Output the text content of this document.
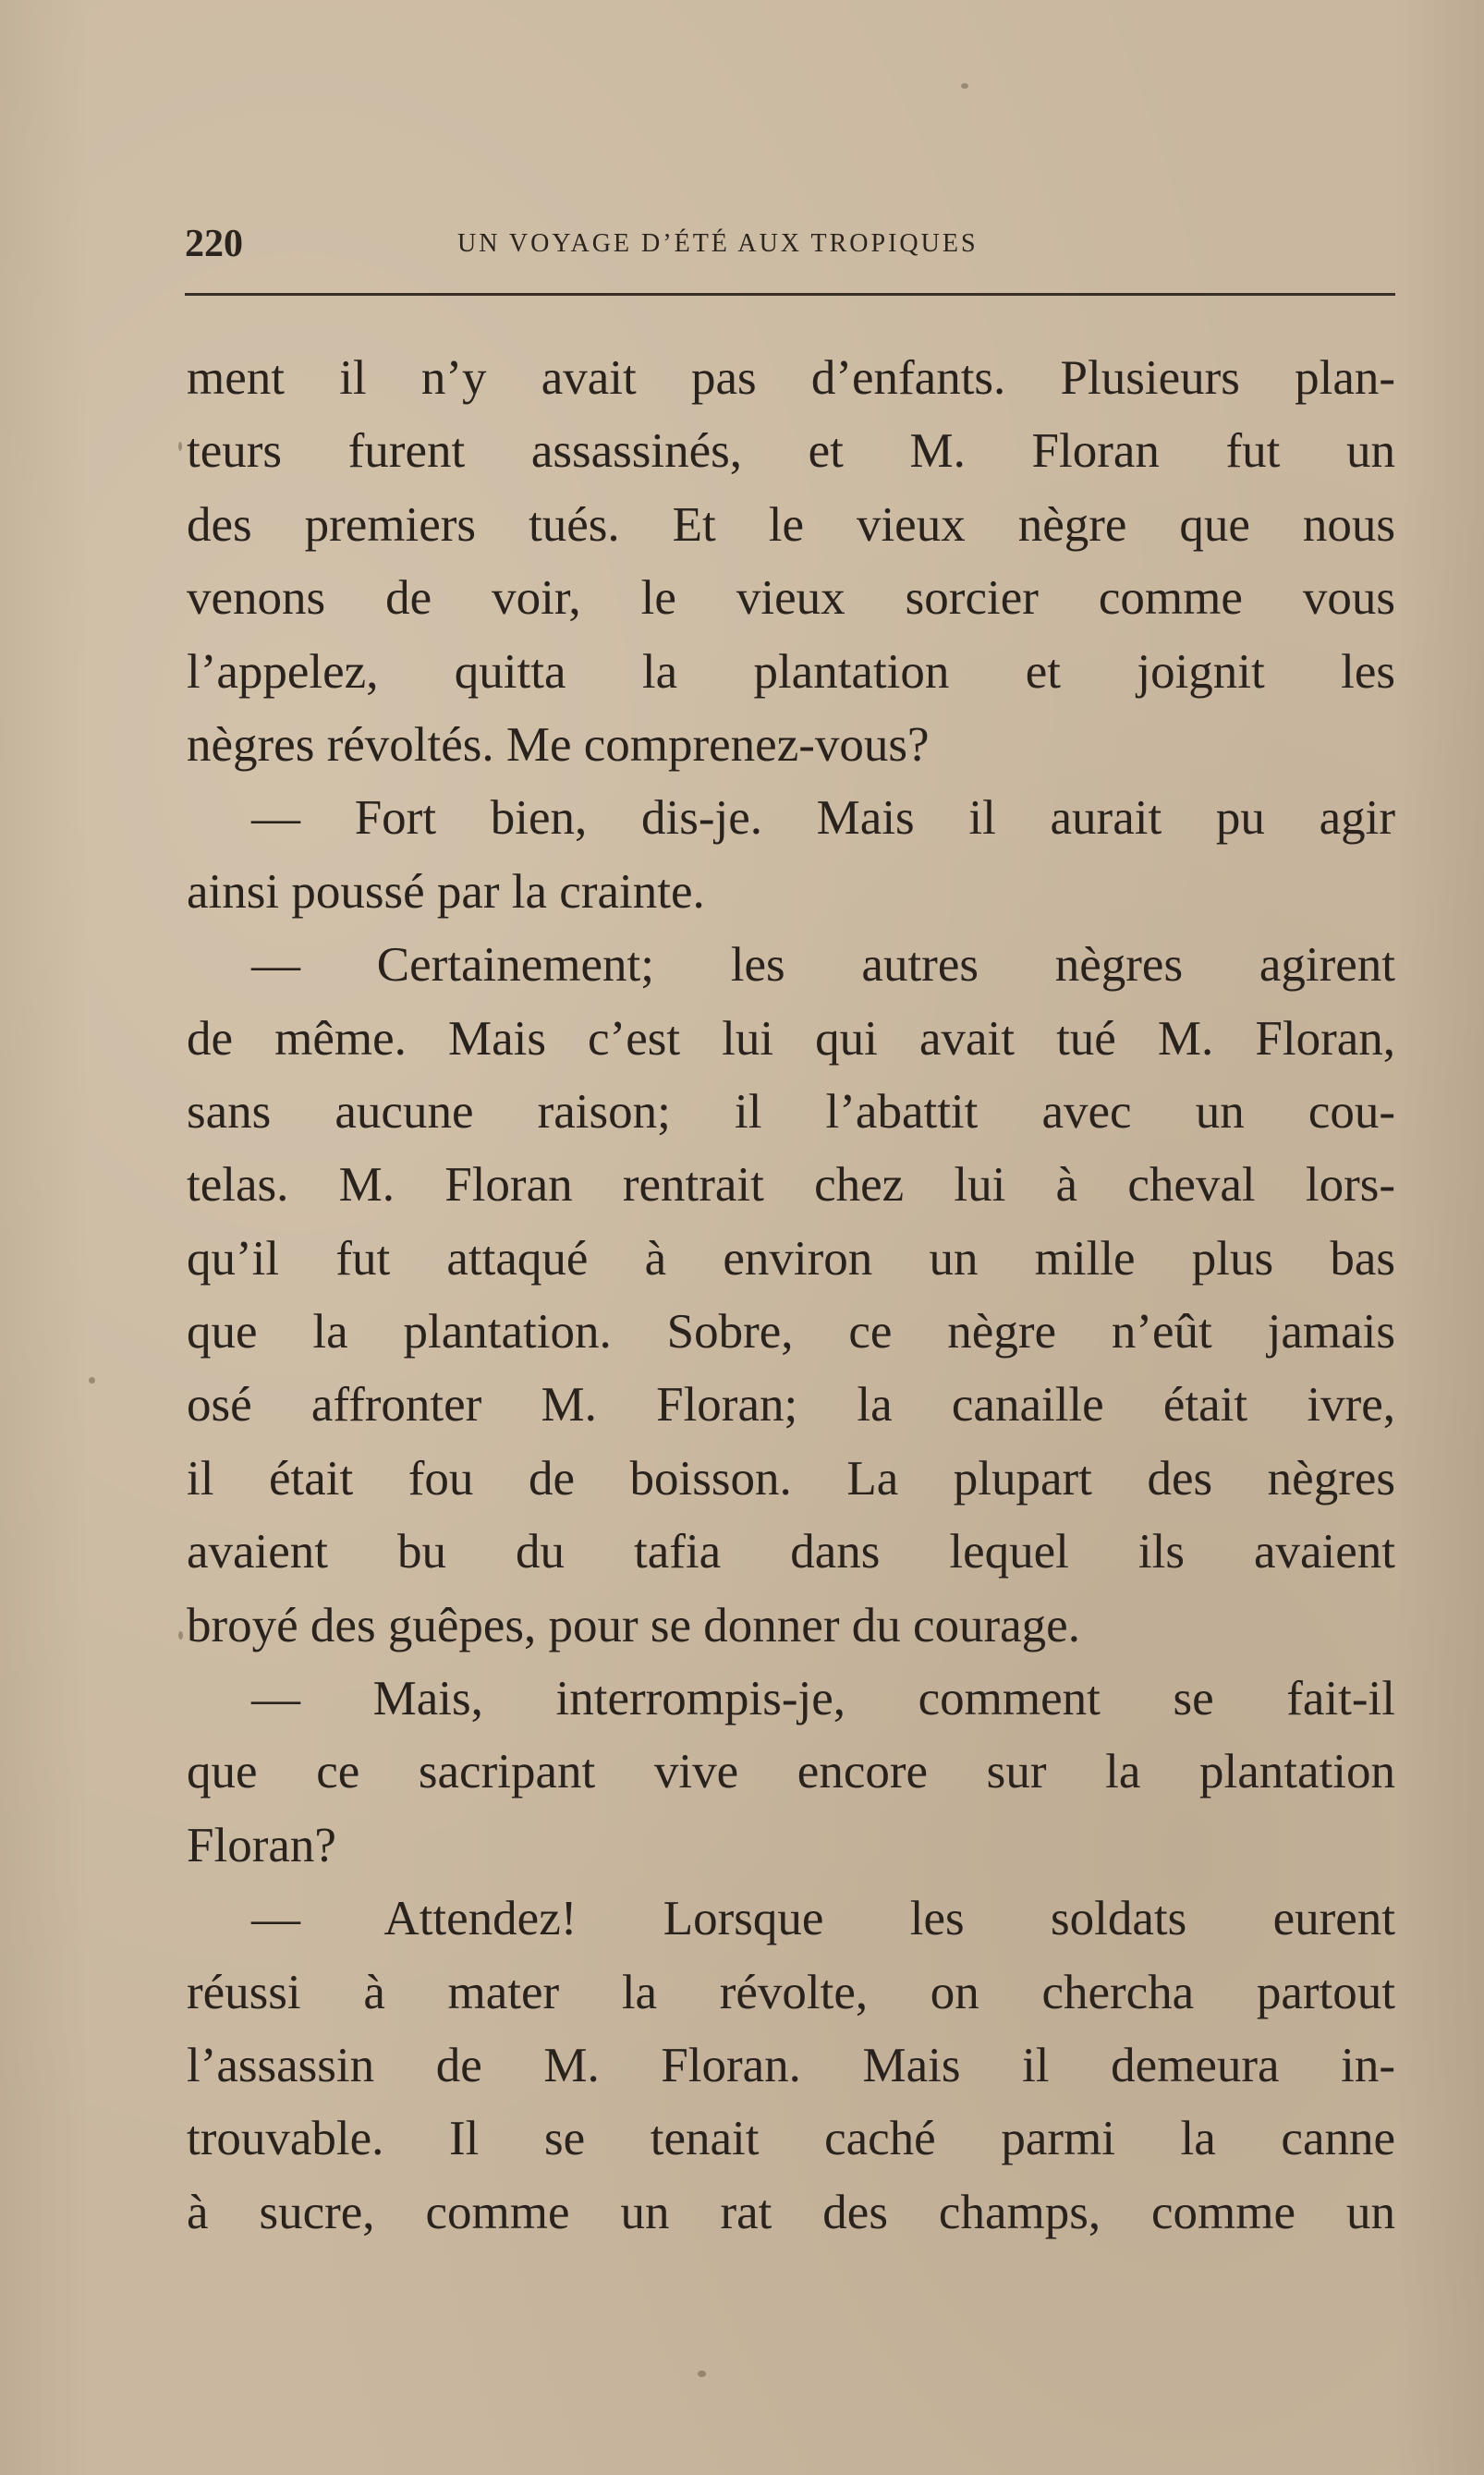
220	UN VOYAGE D’ÉTÉ AUX TROPIQUES
ment il n’y avait pas d’enfants. Plusieurs plan-
teurs furent assassinés, et M. Floran fut un
des premiers tués. Et le vieux nègre que nous
venons de voir, le vieux sorcier comme vous
l’appelez, quitta la plantation et joignit les
nègres révoltés. Me comprenez-vous?
— Fort bien, dis-je. Mais il aurait pu agir
ainsi poussé par la crainte.
— Certainement; les autres nègres agirent
de même. Mais c’est lui qui avait tué M. Floran,
sans aucune raison; il l’abattit avec un cou-
telas. M. Floran rentrait chez lui à cheval lors-
qu’il fut attaqué à environ un mille plus bas
que la plantation. Sobre, ce nègre n’eût jamais
osé affronter M. Floran; la canaille était ivre,
il était fou de boisson. La plupart des nègres
avaient bu du tafia dans lequel ils avaient
broyé des guêpes, pour se donner du courage.
— Mais, interrompis-je, comment se fait-il
que ce sacripant vive encore sur la plantation
Floran?
— Attendez! Lorsque les soldats eurent
réussi à mater la révolte, on chercha partout
l’assassin de M. Floran. Mais il demeura in-
trouvable. Il se tenait caché parmi la canne
à sucre, comme un rat des champs, comme un
